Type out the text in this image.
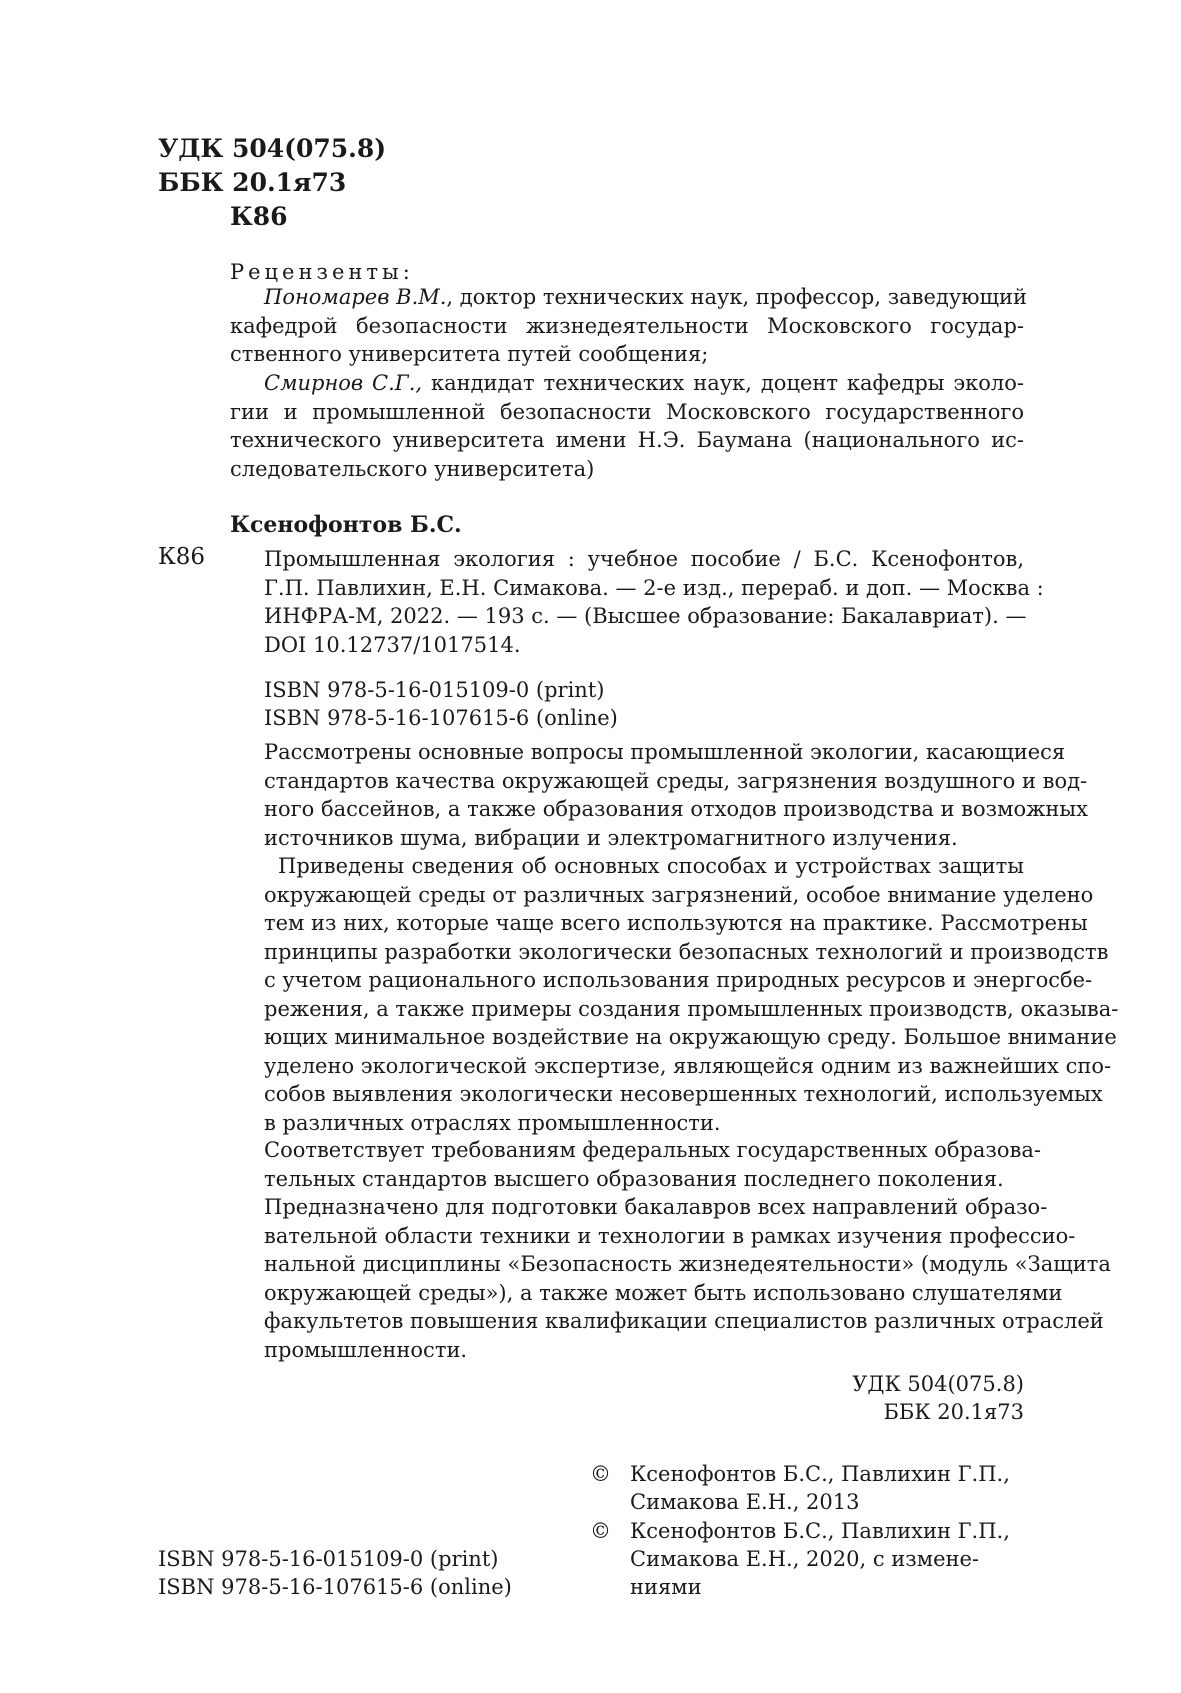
УДК 504(075.8)

ББК 20.1я73

К86

Рецензенты:

Пономарев В.М., доктор технических наук, профессор, заведующий
кафедрой безопасности жизнедеятельности Московского государ-
ственного университета путей сообщения;
Смирнов С.Г., кандидат технических наук, доцент кафедры эколо-
гии и промышленной безопасности Московского государственного
технического университета имени Н.Э. Баумана (национального ис-
следовательского университета)

Ксенофонтов Б.С.

К86	Промышленная экология : учебное пособие / Б.С. Ксенофонтов,
Г.П. Павлихин, Е.Н. Симакова. — 2-е изд., перераб. и доп. — Москва :
ИНФРА-М, 2022. — 193 с. — (Высшее образование: Бакалавриат). —
DOI 10.12737/1017514.

ISBN 978-5-16-015109-0 (print)

ISBN 978-5-16-107615-6 (online)

Рассмотрены основные вопросы промышленной экологии, касающиеся
стандартов качества окружающей среды, загрязнения воздушного и вод-
ного бассейнов, а также образования отходов производства и возможных
источников шума, вибрации и электромагнитного излучения.
Приведены сведения об основных способах и устройствах защиты
окружающей среды от различных загрязнений, особое внимание уделено
тем из них, которые чаще всего используются на практике. Рассмотрены
принципы разработки экологически безопасных технологий и производств
с учетом рационального использования природных ресурсов и энергосбе-
режения, а также примеры создания промышленных производств, оказыва-
ющих минимальное воздействие на окружающую среду. Большое внимание
уделено экологической экспертизе, являющейся одним из важнейших спо-
собов выявления экологически несовершенных технологий, используемых
в различных отраслях промышленности.
Соответствует требованиям федеральных государственных образова-
тельных стандартов высшего образования последнего поколения.
Предназначено для подготовки бакалавров всех направлений образо-
вательной области техники и технологии в рамках изучения профессио-
нальной дисциплины «Безопасность жизнедеятельности» (модуль «Защита
окружающей среды»), а также может быть использовано слушателями
факультетов повышения квалификации специалистов различных отраслей
промышленности.

УДК 504(075.8)

ББК 20.1я73

© Ксенофонтов Б.С., Павлихин Г.П.,

Симакова Е.Н., 2013

© Ксенофонтов Б.С., Павлихин Г.П.,

Симакова Е.Н., 2020, с измене-

ниями

ISBN 978-5-16-015109-0 (print)

ISBN 978-5-16-107615-6 (online)
